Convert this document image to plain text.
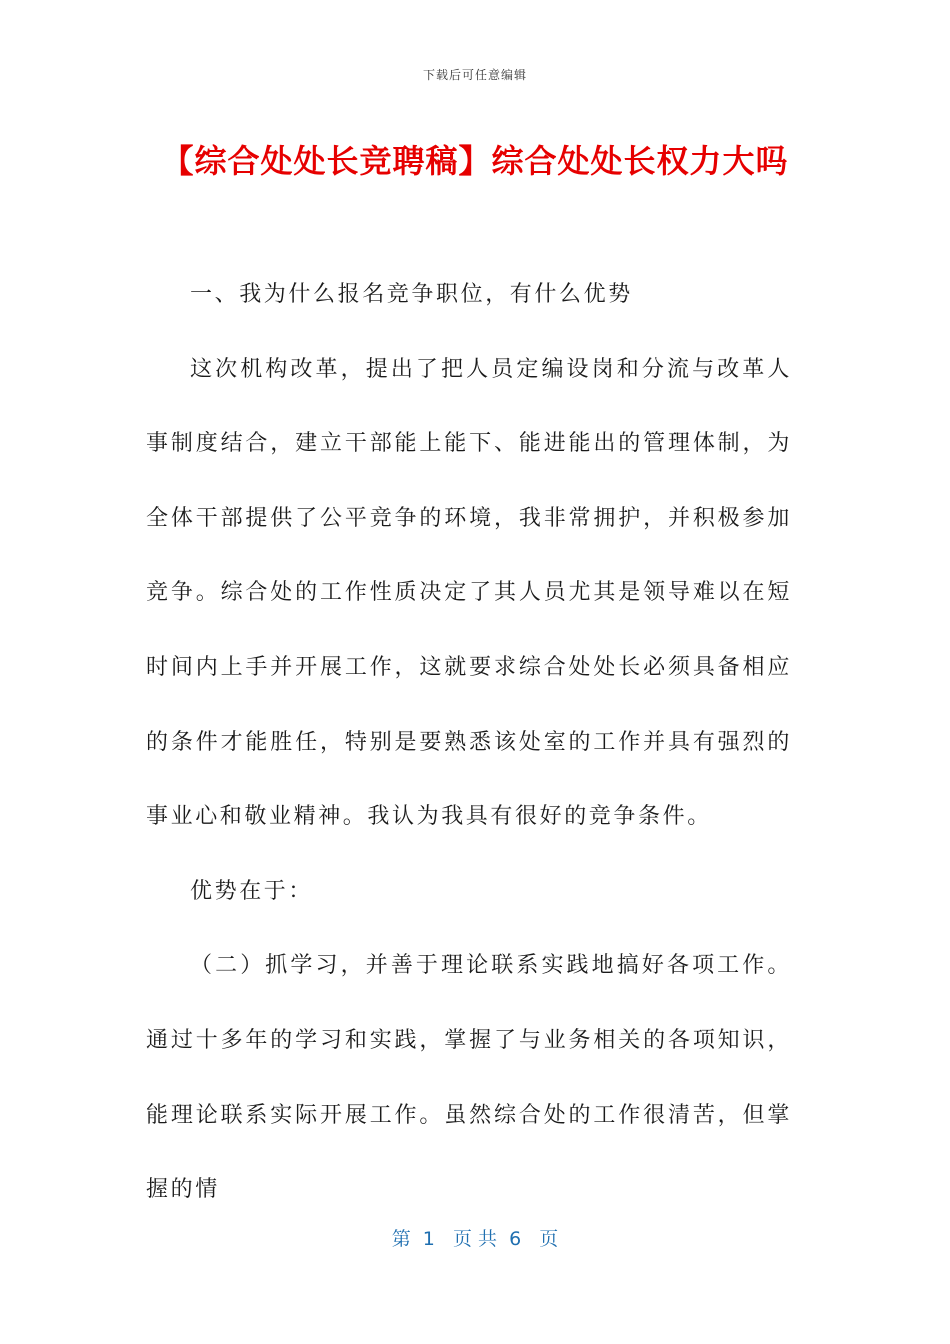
下载后可任意编辑
【综合处处长竞聘稿】综合处处长权力大吗

一、我为什么报名竞争职位，有什么优势

这次机构改革，提出了把人员定编设岗和分流与改革人事制度结合，建立干部能上能下、能进能出的管理体制，为全体干部提供了公平竞争的环境，我非常拥护，并积极参加竞争。综合处的工作性质决定了其人员尤其是领导难以在短时间内上手并开展工作，这就要求综合处处长必须具备相应的条件才能胜任，特别是要熟悉该处室的工作并具有强烈的事业心和敬业精神。我认为我具有很好的竞争条件。

优势在于：

（二）抓学习，并善于理论联系实践地搞好各项工作。通过十多年的学习和实践，掌握了与业务相关的各项知识，能理论联系实际开展工作。虽然综合处的工作很清苦，但掌握的情

第  1   页 共  6   页
